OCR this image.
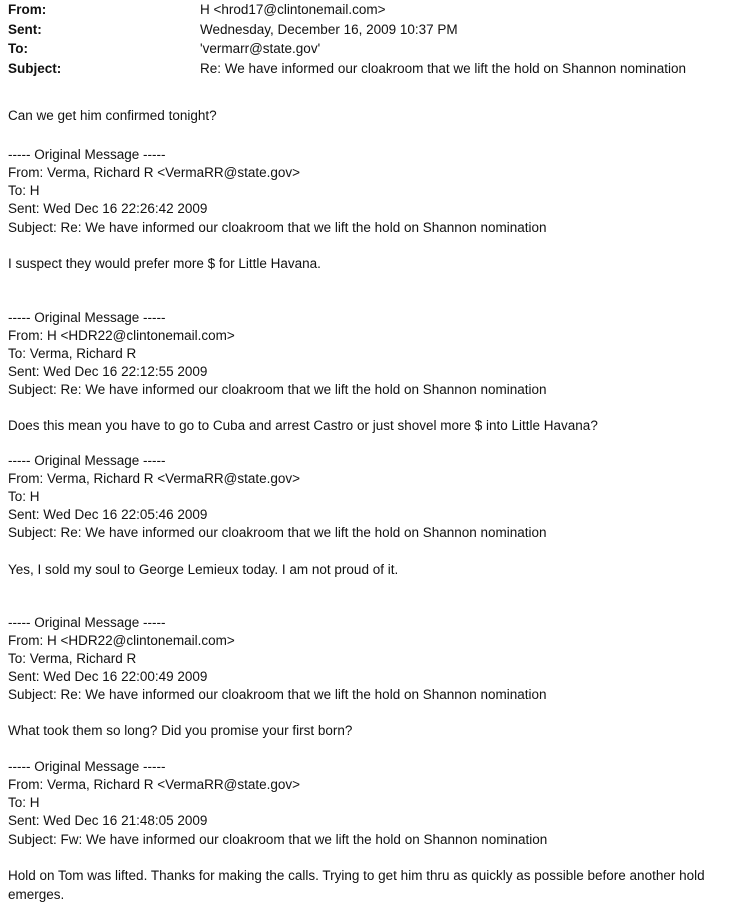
From:	H <hrod17@clintonemail.com>
Sent:	Wednesday, December 16, 2009 10:37 PM
To:	'vermarr@state.gov'
Subject:	Re: We have informed our cloakroom that we lift the hold on Shannon nomination
Can we get him confirmed tonight?
----- Original Message -----
From: Verma, Richard R <VermaRR@state.gov>
To: H
Sent: Wed Dec 16 22:26:42 2009
Subject: Re: We have informed our cloakroom that we lift the hold on Shannon nomination
I suspect they would prefer more $ for Little Havana.
----- Original Message -----
From: H <HDR22@clintonemail.com>
To: Verma, Richard R
Sent: Wed Dec 16 22:12:55 2009
Subject: Re: We have informed our cloakroom that we lift the hold on Shannon nomination
Does this mean you have to go to Cuba and arrest Castro or just shovel more $ into Little Havana?
----- Original Message -----
From: Verma, Richard R <VermaRR@state.gov>
To: H
Sent: Wed Dec 16 22:05:46 2009
Subject: Re: We have informed our cloakroom that we lift the hold on Shannon nomination
Yes, I sold my soul to George Lemieux today. I am not proud of it.
----- Original Message -----
From: H <HDR22@clintonemail.com>
To: Verma, Richard R
Sent: Wed Dec 16 22:00:49 2009
Subject: Re: We have informed our cloakroom that we lift the hold on Shannon nomination
What took them so long? Did you promise your first born?
----- Original Message -----
From: Verma, Richard R <VermaRR@state.gov>
To: H
Sent: Wed Dec 16 21:48:05 2009
Subject: Fw: We have informed our cloakroom that we lift the hold on Shannon nomination
Hold on Tom was lifted. Thanks for making the calls. Trying to get him thru as quickly as possible before another hold emerges.
